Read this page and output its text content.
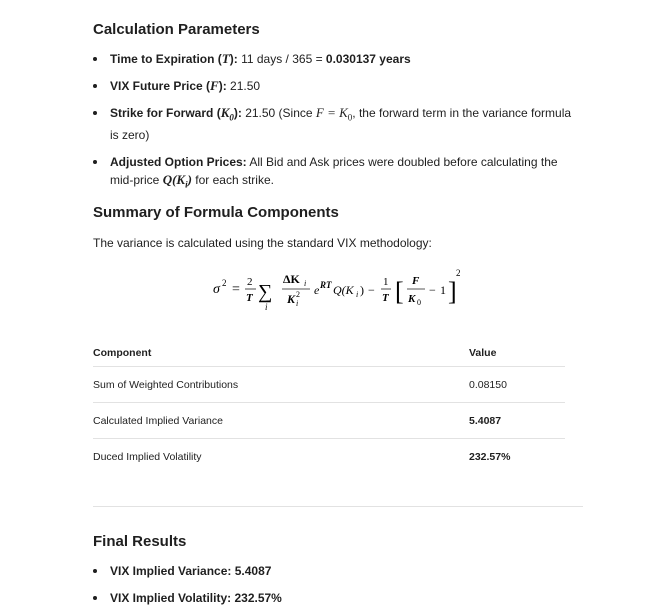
Calculation Parameters
Time to Expiration (T): 11 days / 365 = 0.030137 years
VIX Future Price (F): 21.50
Strike for Forward $(K_0)$: 21.50 (Since $F = K_0$, the forward term in the variance formula is zero)
Adjusted Option Prices: All Bid and Ask prices were doubled before calculating the mid-price $Q(K_i)$ for each strike.
Summary of Formula Components
The variance is calculated using the standard VIX methodology:
σ 2 = 2
T ∑
i
ΔK i
K 2
i
e RT Q(K i ) −
1
T [ F
K 0
− 1 ]
2
Component	Value
Sum of Weighted Contributions	0.08150
Calculated Implied Variance	5.4087
Duced Implied Volatility	232.57%
Final Results
VIX Implied Variance: 5.4087
VIX Implied Volatility: 232.57%
